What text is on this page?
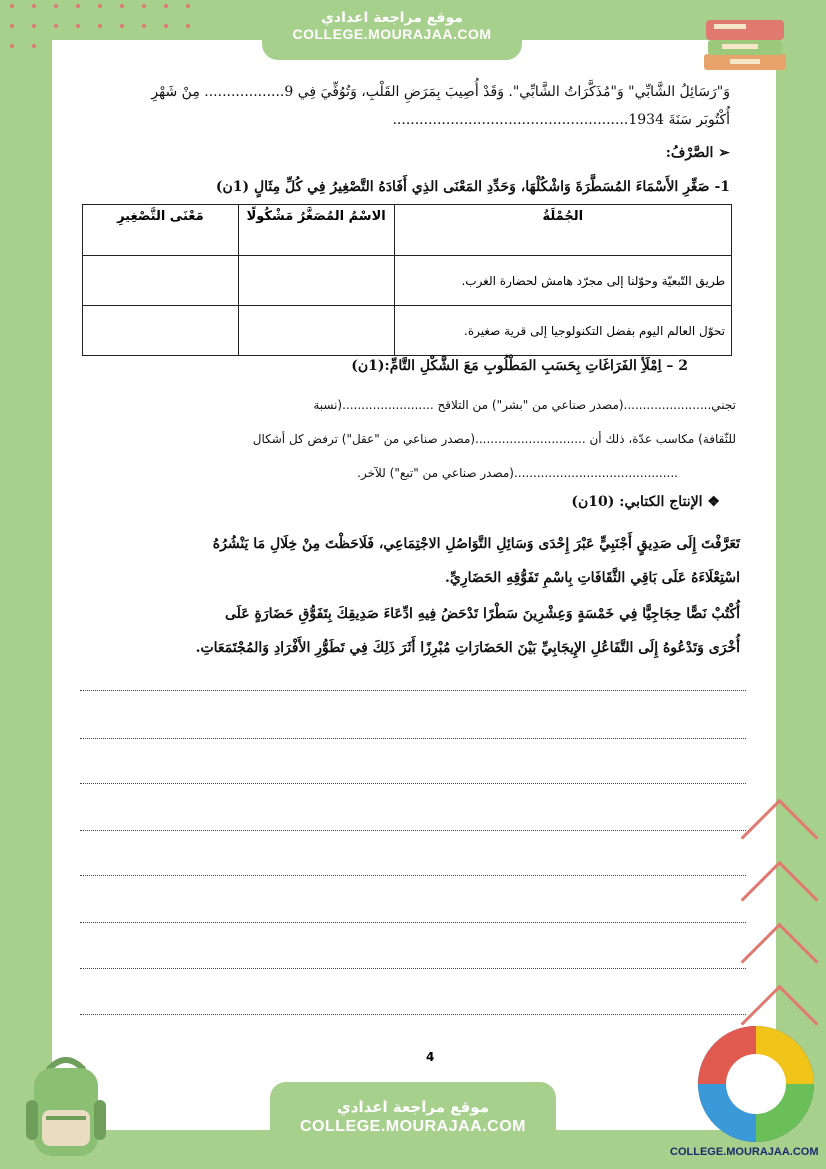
موقع مراجعة اعدادي
COLLEGE.MOURAJAA.COM
وَ"رَسَائِلُ الشَّابِّي" وَ"مُذَكَّرَاتُ الشَّابِّي". وَقَدْ أُصِيبَ بِمَرَضِ القَلْبِ، وَتُوُفِّيَ فِي 9.................. مِنْ شَهْرِ
أُكْتُوبَر سَنَةَ 1934.....................................................
➢ الصَّرْفُ:
1- صَغِّرِ الأَسْمَاءَ المُسَطَّرَةَ وَاشْكُلْهَا، وَحَدِّدِ المَعْنَى الذِي أَفَادَهُ التَّصْغِيرُ فِي كُلِّ مِثَالٍ (1ن)
الجُمْلَةُ	الاسْمُ المُصَغَّرُ مَشْكُولًا	مَعْنَى التَّصْغِيرِ
طريق التّبعيّة وحوّلنا إلى مجرّد هامش لحضارة الغرب.		
تحوّل العالم اليوم بفضل التكنولوجيا إلى قرية صغيرة.		
2 – اِمْلَأِ الفَرَاغَاتِ بِحَسَبِ المَطْلُوبِ مَعَ الشَّكْلِ التَّامِّ:(1ن)
تجني.......................(مصدر صناعي من "بشر") من التلاقح ........................(نسبة
للثّقافة) مكاسب عدّة، ذلك أن .............................(مصدر صناعي من "عقل") ترفض كل أشكال
...........................................(مصدر صناعي من "تبع") للآخر.
❖ الإنتاج الكتابي: (10ن)
تَعَرَّفْتَ إِلَى صَدِيقٍ أَجْنَبِيٍّ عَبْرَ إِحْدَى وَسَائِلِ التَّوَاصُلِ الاجْتِمَاعِي، فَلَاحَظْتَ مِنْ خِلَالِ مَا يَنْشُرُهُ
اسْتِعْلَاءَهُ عَلَى بَاقِي الثَّقَافَاتِ بِاسْمِ تَفَوُّقِهِ الحَضَارِيِّ.
أُكْتُبْ نَصًّا حِجَاجِيًّا فِي خَمْسَةٍ وَعِشْرِينَ سَطْرًا تَدْحَضُ فِيهِ ادِّعَاءَ صَدِيقِكَ بِتَفَوُّقِ حَضَارَةٍ عَلَى
أُخْرَى وَتَدْعُوهُ إِلَى التَّفَاعُلِ الإِيجَابِيِّ بَيْنَ الحَضَارَاتِ مُبْرِزًا أَثَرَ ذَلِكَ فِي تَطَوُّرِ الأَفْرَادِ وَالمُجْتَمَعَاتِ.
4
موقع مراجعة اعدادي
COLLEGE.MOURAJAA.COM
COLLEGE.MOURAJAA.COM
